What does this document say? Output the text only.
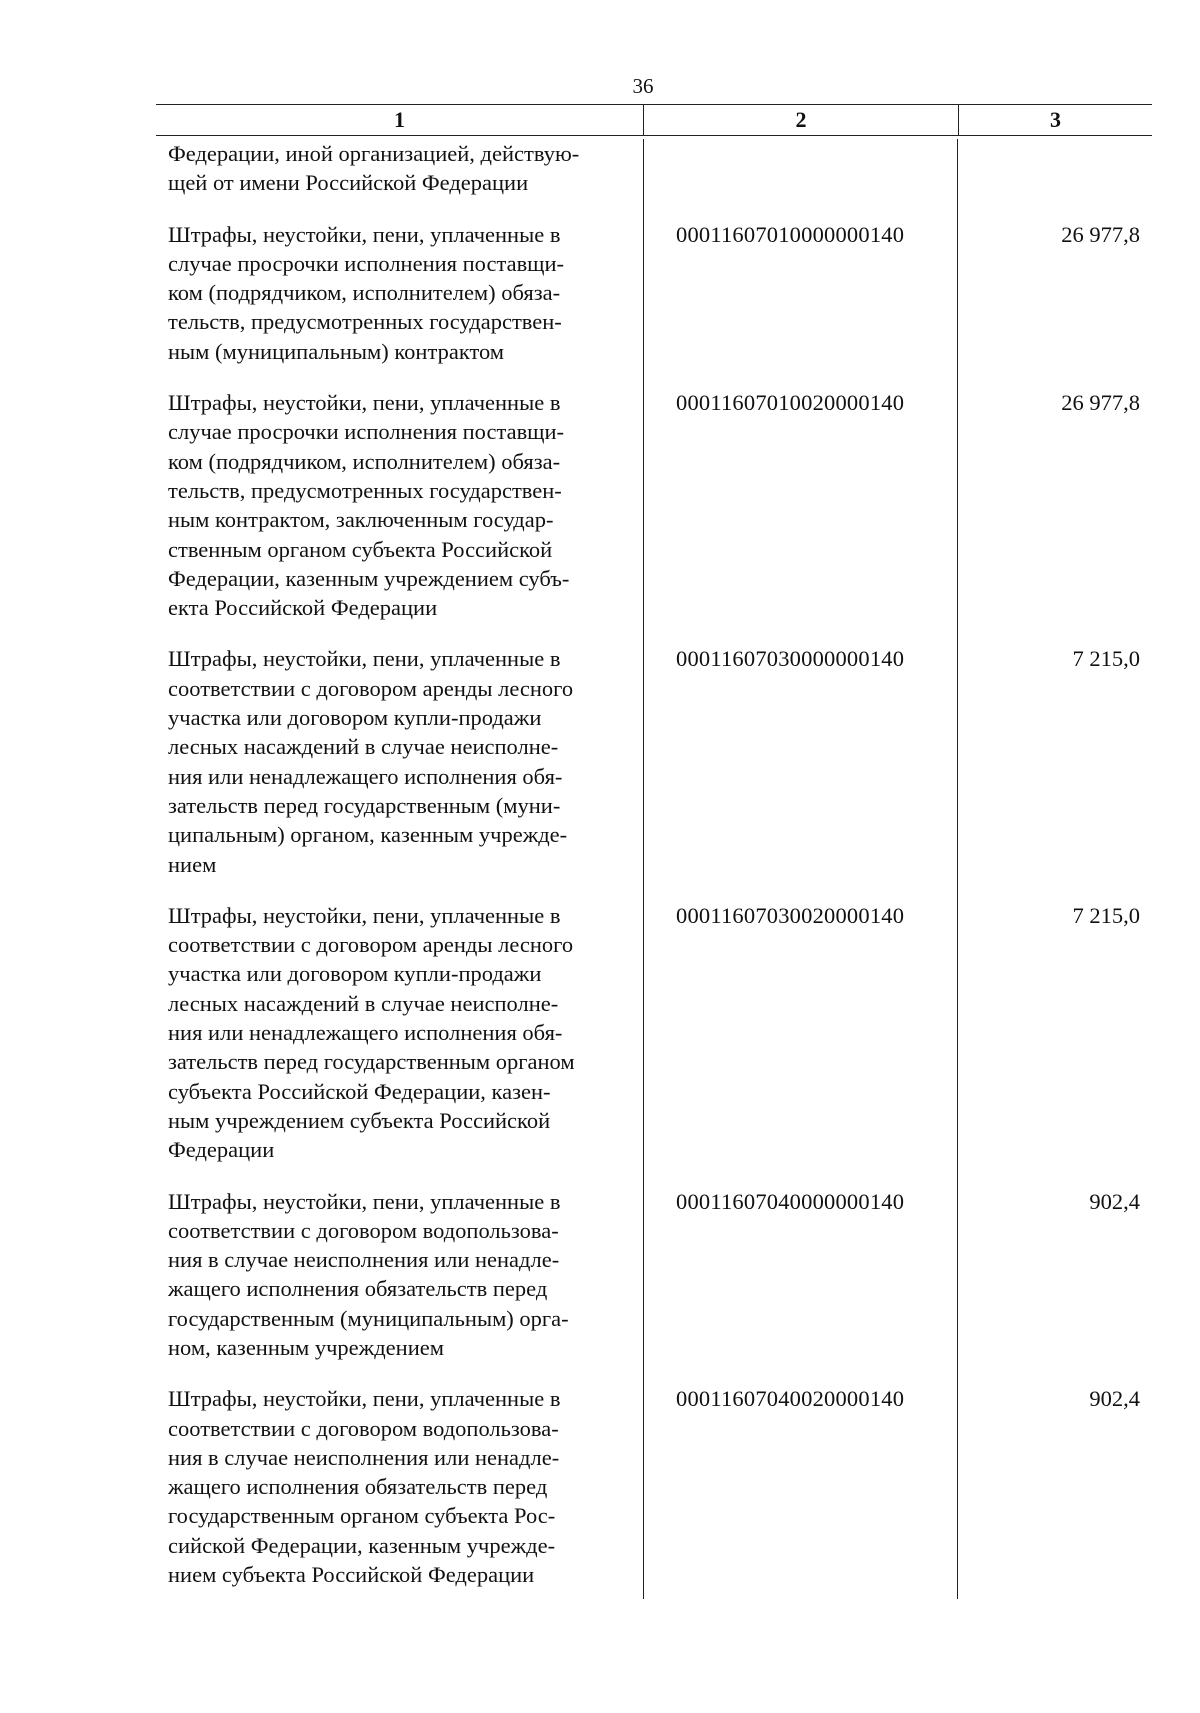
36
1	2	3
Федерации, иной организацией, действую-
щей от имени Российской Федерации
Штрафы, неустойки, пени, уплаченные в
случае просрочки исполнения поставщи-
ком (подрядчиком, исполнителем) обяза-
тельств, предусмотренных государствен-
ным (муниципальным) контрактом
00011607010000000140	26 977,8
Штрафы, неустойки, пени, уплаченные в
случае просрочки исполнения поставщи-
ком (подрядчиком, исполнителем) обяза-
тельств, предусмотренных государствен-
ным контрактом, заключенным государ-
ственным органом субъекта Российской
Федерации, казенным учреждением субъ-
екта Российской Федерации
00011607010020000140	26 977,8
Штрафы, неустойки, пени, уплаченные в
соответствии с договором аренды лесного
участка или договором купли-продажи
лесных насаждений в случае неисполне-
ния или ненадлежащего исполнения обя-
зательств перед государственным (муни-
ципальным) органом, казенным учрежде-
нием
00011607030000000140	7 215,0
Штрафы, неустойки, пени, уплаченные в
соответствии с договором аренды лесного
участка или договором купли-продажи
лесных насаждений в случае неисполне-
ния или ненадлежащего исполнения обя-
зательств перед государственным органом
субъекта Российской Федерации, казен-
ным учреждением субъекта Российской
Федерации
00011607030020000140	7 215,0
Штрафы, неустойки, пени, уплаченные в
соответствии с договором водопользова-
ния в случае неисполнения или ненадле-
жащего исполнения обязательств перед
государственным (муниципальным) орга-
ном, казенным учреждением
00011607040000000140	902,4
Штрафы, неустойки, пени, уплаченные в
соответствии с договором водопользова-
ния в случае неисполнения или ненадле-
жащего исполнения обязательств перед
государственным органом субъекта Рос-
сийской Федерации, казенным учрежде-
нием субъекта Российской Федерации
00011607040020000140	902,4
